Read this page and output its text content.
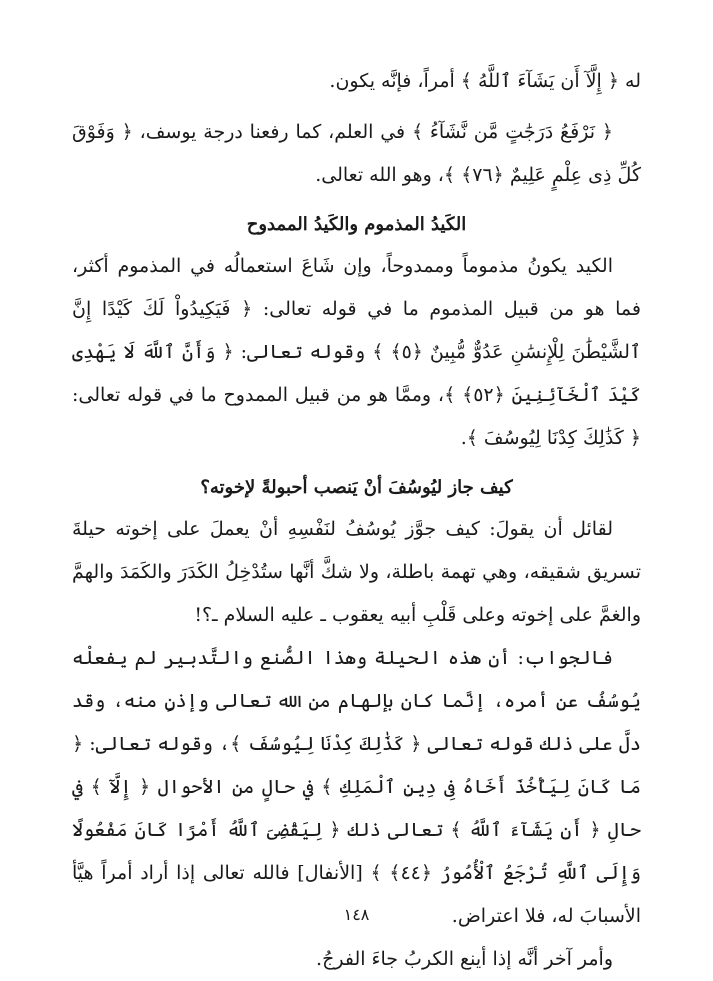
له ﴿ إِلَّآ أَن يَشَآءَ ٱللَّهُ ﴾ أمراً، فإنَّه يكون.

﴿ نَرْفَعُ دَرَجَٰتٍ مَّن نَّشَآءُ ﴾ في العلم، كما رفعنا درجة يوسف، ﴿ وَفَوْقَ كُلِّ ذِى عِلْمٍ عَلِيمٌ ﴿٧٦﴾ ﴾، وهو الله تعالى.

الكَيدُ المذموم والكَيدُ الممدوح

الكيد يكونُ مذموماً وممدوحاً، وإن شَاعَ استعمالُه في المذموم أكثر، فما هو من قبيل المذموم ما في قوله تعالى: ﴿ فَيَكِيدُواْ لَكَ كَيْدًا إِنَّ ٱلشَّيْطَٰنَ لِلْإِنسَٰنِ عَدُوٌّ مُّبِينٌ ﴿٥﴾ ﴾ وقوله تعالى: ﴿ وَأَنَّ ٱللَّهَ لَا يَهْدِى كَيْدَ ٱلْخَآئِنِينَ ﴿٥٢﴾ ﴾، وممَّا هو من قبيل الممدوح ما في قوله تعالى: ﴿ كَذَٰلِكَ كِدْنَا لِيُوسُفَ ﴾.

كيف جاز ليُوسُفَ أنْ يَنصب أحبولةً لإخوته؟

لقائل أن يقولَ: كيف جوَّز يُوسُفُ لنَفْسِهِ أنْ يعملَ على إخوته حيلةَ تسريق شقيقه، وهي تهمة باطلة، ولا شكَّ أنَّها ستُدْخِلُ الكَدَرَ والكَمَدَ والهمَّ والغمَّ على إخوته وعلى قَلْبِ أبيه يعقوب ـ عليه السلام ـ؟!

فالجواب: أن هذه الحيلة وهذا الصُّنع والتَّدبير لم يفعلْه يُوسُفُ عن أمره، إنَّما كان بإلهام من الله تعالى وإذنٍ منه، وقد دلَّ على ذلك قوله تعالى ﴿ كَذَٰلِكَ كِدْنَا لِيُوسُفَ ﴾، وقوله تعالى: ﴿ مَا كَانَ لِيَأْخُذَ أَخَاهُ فِى دِينِ ٱلْمَلِكِ ﴾ في حالٍ من الأحوال ﴿ إِلَّآ ﴾ في حالِ ﴿ أَن يَشَآءَ ٱللَّهُ ﴾ تعالى ذلك ﴿ لِيَقْضِىَ ٱللَّهُ أَمْرًا كَانَ مَفْعُولًا وَإِلَى ٱللَّهِ تُرْجَعُ ٱلْأُمُورُ ﴿٤٤﴾ ﴾ [الأنفال] فالله تعالى إذا أراد أمراً هيَّأ الأسبابَ له، فلا اعتراض.

وأمر آخر أنَّه إذا أينع الكربُ جاءَ الفرجُ.

١٤٨
